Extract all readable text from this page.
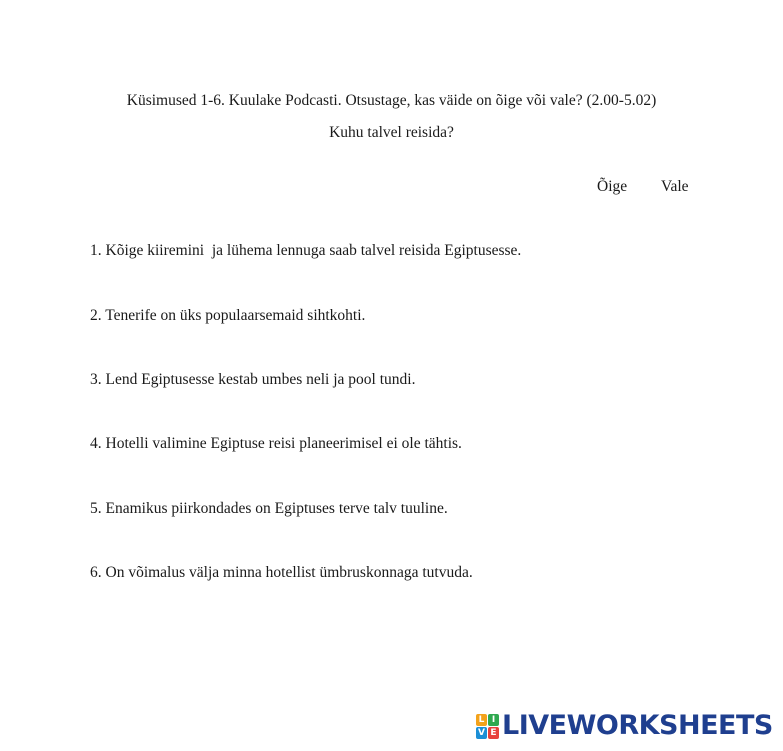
Küsimused 1-6. Kuulake Podcasti. Otsustage, kas väide on õige või vale? (2.00-5.02)
Kuhu talvel reisida?
Õige Vale
1. Kõige kiiremini  ja lühema lennuga saab talvel reisida Egiptusesse.
2. Tenerife on üks populaarsemaid sihtkohti.
3. Lend Egiptusesse kestab umbes neli ja pool tundi.
4. Hotelli valimine Egiptuse reisi planeerimisel ei ole tähtis.
5. Enamikus piirkondades on Egiptuses terve talv tuuline.
6. On võimalus välja minna hotellist ümbruskonnaga tutvuda.
L I
V E LIVEWORKSHEETS
